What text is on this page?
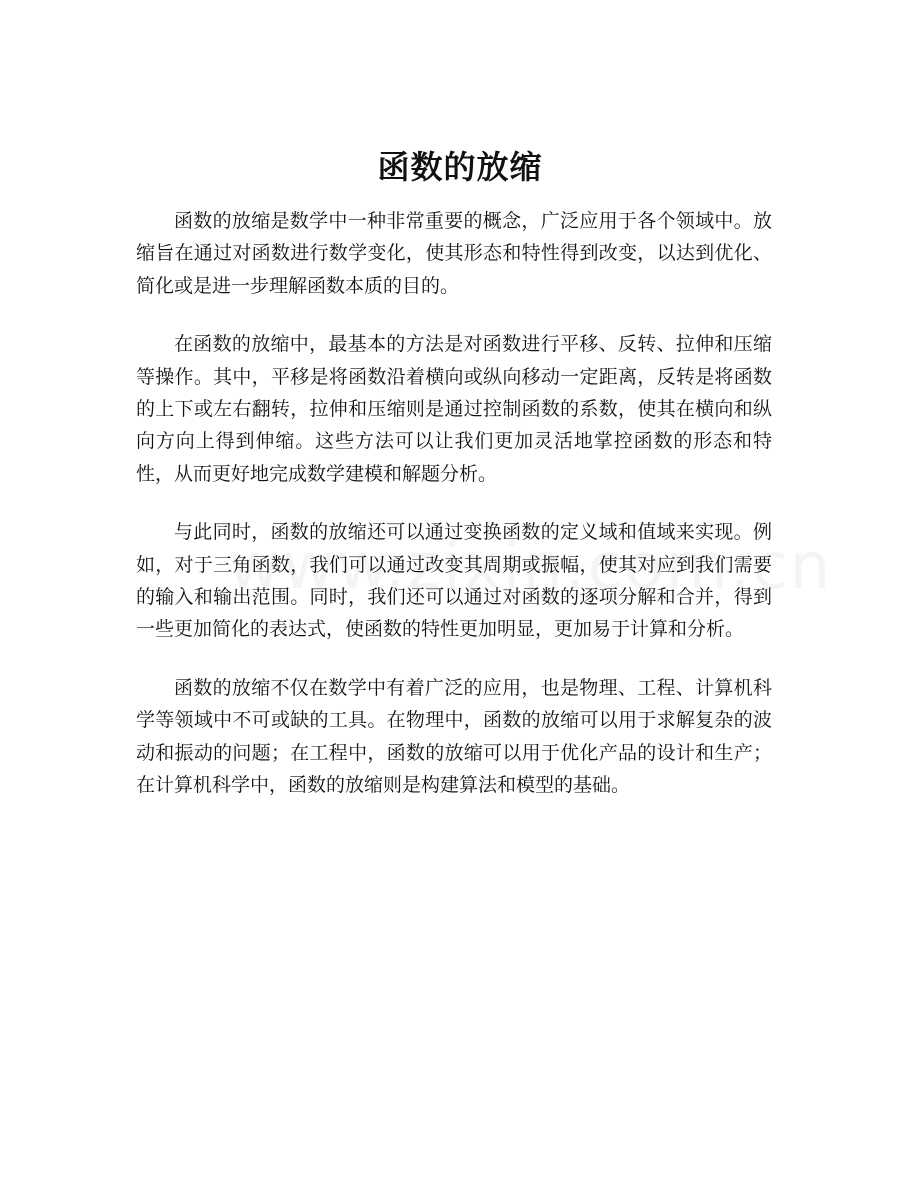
函数的放缩

函数的放缩是数学中一种非常重要的概念，广泛应用于各个领域中。放缩旨在通过对函数进行数学变化，使其形态和特性得到改变，以达到优化、简化或是进一步理解函数本质的目的。

在函数的放缩中，最基本的方法是对函数进行平移、反转、拉伸和压缩等操作。其中，平移是将函数沿着横向或纵向移动一定距离，反转是将函数的上下或左右翻转，拉伸和压缩则是通过控制函数的系数，使其在横向和纵向方向上得到伸缩。这些方法可以让我们更加灵活地掌控函数的形态和特性，从而更好地完成数学建模和解题分析。

与此同时，函数的放缩还可以通过变换函数的定义域和值域来实现。例如，对于三角函数，我们可以通过改变其周期或振幅，使其对应到我们需要的输入和输出范围。同时，我们还可以通过对函数的逐项分解和合并，得到一些更加简化的表达式，使函数的特性更加明显，更加易于计算和分析。

函数的放缩不仅在数学中有着广泛的应用，也是物理、工程、计算机科学等领域中不可或缺的工具。在物理中，函数的放缩可以用于求解复杂的波动和振动的问题；在工程中，函数的放缩可以用于优化产品的设计和生产；在计算机科学中，函数的放缩则是构建算法和模型的基础。
